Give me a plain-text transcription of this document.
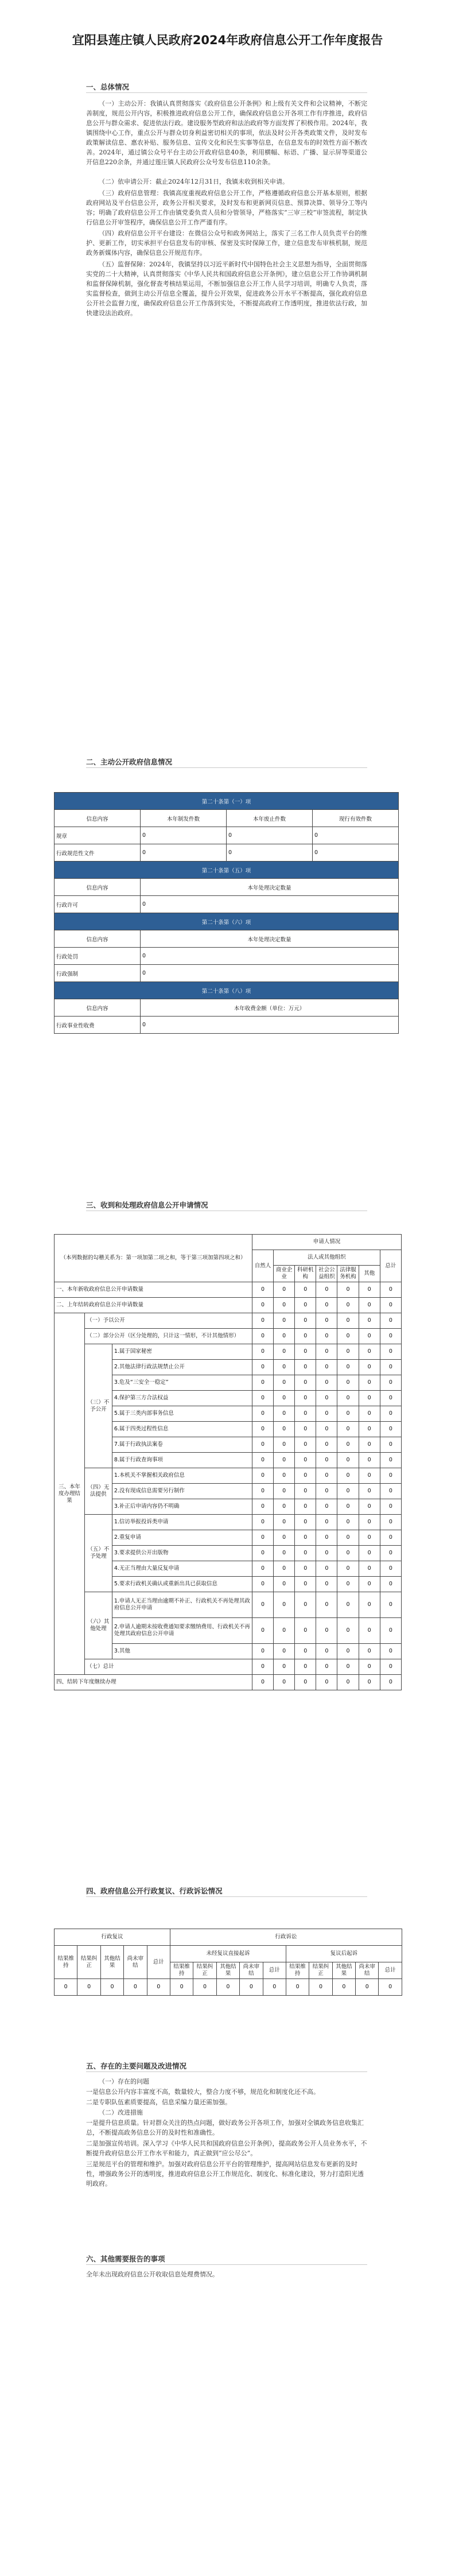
宜阳县莲庄镇人民政府2024年政府信息公开工作年度报告
一、总体情况

（一）主动公开：我镇认真贯彻落实《政府信息公开条例》和上级有关文件和会议精神，不断完善制度，规范公开内容，积极推进政府信息公开工作，确保政府信息公开各项工作有序推进，政府信息公开与群众需求、促进依法行政。建设服务型政府和法治政府等方面发挥了积极作用。2024年，我镇围绕中心工作，重点公开与群众切身利益密切相关的事项，依法及时公开各类政策文件，及时发布政策解读信息、惠农补贴、服务信息、宣传文化和民生实事等信息，在信息发布的时效性方面不断改善。2024年，通过镇公众号平台主动公开政府信息40条，利用横幅、标语、广播、显示屏等渠道公开信息220余条，并通过莲庄镇人民政府公众号发布信息110余条。

（二）依申请公开：截止2024年12月31日，我镇未收到相关申请。

（三）政府信息管理：我镇高度重视政府信息公开工作，严格遵循政府信息公开基本原则，根据政府网站及平台信息公开，政务公开相关要求，及时发布和更新网页信息、预算决算、领导分工等内容；明确了政府信息公开工作由镇党委负责人员和分管领导，严格落实“三审三校”审签流程，制定执行信息公开审签程序，确保信息公开工作严谨有序。

（四）政府信息公开平台建设：在微信公众号和政务网站上，落实了三名工作人员负责平台的维护、更新工作，切实承担平台信息发布的审核、保密及实时保障工作，建立信息发布审核机制，规范政务新媒体内容，确保信息公开规范有序。

（五）监督保障：2024年，我镇坚持以习近平新时代中国特色社会主义思想为指导，全面贯彻落实党的二十大精神，认真贯彻落实《中华人民共和国政府信息公开条例》，建立信息公开工作协调机制和监督保障机制，强化督查考核结果运用，不断加强信息公开工作人员学习培训，明确专人负责，落实监督检查，做到主动公开信息全覆盖，提升公开效果，促进政务公开水平不断提高，强化政府信息公开社会监督力度，确保政府信息公开工作落到实处，不断提高政府工作透明度，推进依法行政，加快建设法治政府。

二、主动公开政府信息情况
第二十条第（一）项			
信息内容	本年制发件数	本年废止件数	现行有效件数
规章	0	0	0
行政规范性文件	0	0	0
第二十条第（五）项			
信息内容	本年处理决定数量		
行政许可	0		
第二十条第（六）项			
信息内容	本年处理决定数量		
行政处罚	0		
行政强制	0		
第二十条第（八）项			
信息内容	本年收费金额（单位：万元）		
行政事业性收费	0		
三、收到和处理政府信息公开申请情况
（本列数据的勾稽关系为：第一项加第二项之和，等于第三项加第四项之和）			申请人情况						
			自然人	法人或其他组织					总计
				商业企业	科研机构	社会公益组织	法律服务机构	其他	
一、本年新收政府信息公开申请数量			0	0	0	0	0	0	0
二、上年结转政府信息公开申请数量			0	0	0	0	0	0	0
三、本年度办理结果	（一）予以公开		0	0	0	0	0	0	0
	（二）部分公开（区分处理的，只计这一情形，不计其他情形）		0	0	0	0	0	0	0
	（三）不予公开	1.属于国家秘密	0	0	0	0	0	0	0
		2.其他法律行政法规禁止公开	0	0	0	0	0	0	0
		3.危及“三安全一稳定”	0	0	0	0	0	0	0
		4.保护第三方合法权益	0	0	0	0	0	0	0
		5.属于三类内部事务信息	0	0	0	0	0	0	0
		6.属于四类过程性信息	0	0	0	0	0	0	0
		7.属于行政执法案卷	0	0	0	0	0	0	0
		8.属于行政查询事项	0	0	0	0	0	0	0
	（四）无法提供	1.本机关不掌握相关政府信息	0	0	0	0	0	0	0
		2.没有现成信息需要另行制作	0	0	0	0	0	0	0
		3.补正后申请内容仍不明确	0	0	0	0	0	0	0
	（五）不予处理	1.信访举报投诉类申请	0	0	0	0	0	0	0
		2.重复申请	0	0	0	0	0	0	0
		3.要求提供公开出版物	0	0	0	0	0	0	0
		4.无正当理由大量反复申请	0	0	0	0	0	0	0
		5.要求行政机关确认或重新出具已获取信息	0	0	0	0	0	0	0
	（六）其他处理	1.申请人无正当理由逾期不补正、行政机关不再处理其政府信息公开申请	0	0	0	0	0	0	0
		2.申请人逾期未按收费通知要求缴纳费用、行政机关不再处理其政府信息公开申请	0	0	0	0	0	0	0
		3.其他	0	0	0	0	0	0	0
	（七）总计		0	0	0	0	0	0	0
四、结转下年度继续办理			0	0	0	0	0	0	0
四、政府信息公开行政复议、行政诉讼情况
行政复议					行政诉讼									
结果维持	结果纠正	其他结果	尚未审结	总计	未经复议直接起诉					复议后起诉				
					结果维持	结果纠正	其他结果	尚未审结	总计	结果维持	结果纠正	其他结果	尚未审结	总计
0	0	0	0	0	0	0	0	0	0	0	0	0	0	0
五、存在的主要问题及改进情况

（一）存在的问题

一是信息公开内容丰富度不高，数量较大，整合力度不够，规范化和制度化还不高。

二是专职队伍素质要提高，信息采编力量还需加强。

（二）改进措施

一是提升信息质量。针对群众关注的热点问题，做好政务公开各项工作，加强对全镇政务信息收集汇总，不断提高政务信息公开的及时性和准确性。

二是加强宣传培训。深入学习《中华人民共和国政府信息公开条例》，提高政务公开人员业务水平，不断提升政府信息公开工作水平和能力，真正做到“应公尽公”。

三是规范平台的管理和维护。加强对政府信息公开平台的管理维护，提高网站信息发布更新的及时性，增强政务公开的透明度，推进政府信息公开工作规范化、制度化、标准化建设，努力打造阳光透明政府。

六、其他需要报告的事项

全年未出现政府信息公开收取信息处理费情况。
